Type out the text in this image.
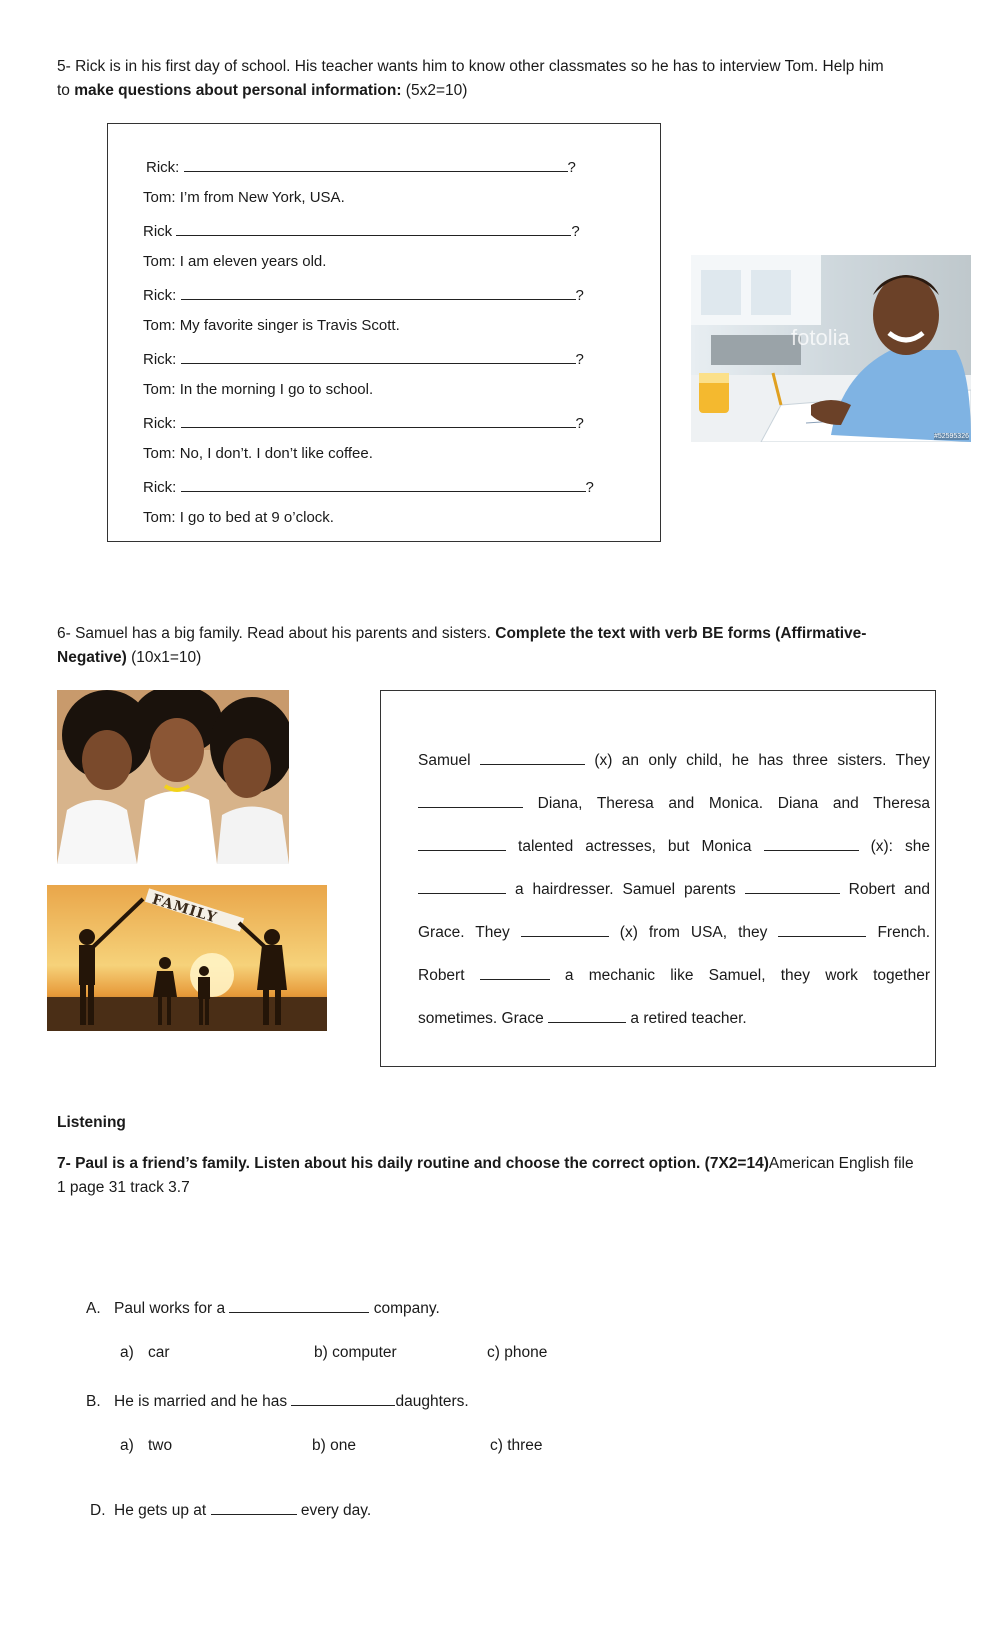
5- Rick is in his first day of school. His teacher wants him to know other classmates so he has to interview Tom. Help him
to make questions about personal information: (5x2=10)
Rick:	?
Tom: I’m from New York, USA.
Rick	?
Tom: I am eleven years old.
Rick:	?
Tom: My favorite singer is Travis Scott.
Rick:	?
Tom: In the morning I go to school.
Rick:	?
Tom: No, I don’t. I don’t like coffee.
Rick:	?
Tom: I go to bed at 9 o’clock.
fotolia
#52595326
6- Samuel has a big family. Read about his parents and sisters. Complete the text with verb BE forms (Affirmative-
Negative) (10x1=10)
FAMILY
Samuel	(x) an only child, he has three sisters. They
Diana, Theresa and Monica. Diana and Theresa
talented actresses, but Monica	(x): she
a hairdresser. Samuel parents	Robert and
Grace. They	(x) from USA, they	French.
Robert	a mechanic like Samuel, they work together
sometimes. Grace	a retired teacher.
Listening
7- Paul is a friend’s family. Listen about his daily routine and choose the correct option. (7X2=14)American English file
1 page 31 track 3.7
A. Paul works for a	company.
a) car	b) computer	c) phone
B. He is married and he has	daughters.
a) two	b) one	c) three
D. He gets up at	every day.
